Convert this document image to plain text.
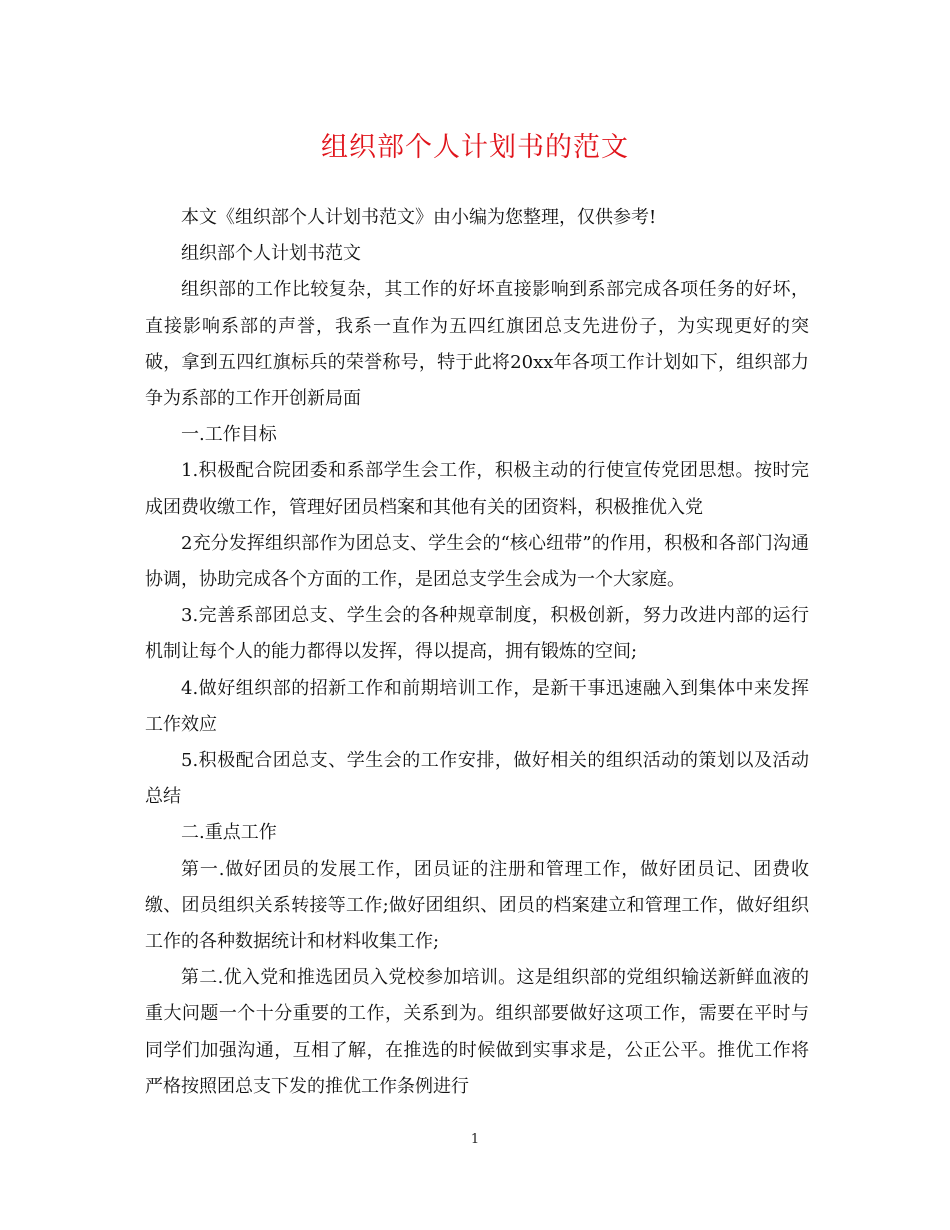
组织部个人计划书的范文

本文《组织部个人计划书范文》由小编为您整理，仅供参考!

组织部个人计划书范文

组织部的工作比较复杂，其工作的好坏直接影响到系部完成各项任务的好坏，直接影响系部的声誉，我系一直作为五四红旗团总支先进份子，为实现更好的突破，拿到五四红旗标兵的荣誉称号，特于此将20xx年各项工作计划如下，组织部力争为系部的工作开创新局面

一.工作目标

1.积极配合院团委和系部学生会工作，积极主动的行使宣传党团思想。按时完成团费收缴工作，管理好团员档案和其他有关的团资料，积极推优入党

2充分发挥组织部作为团总支、学生会的“核心纽带”的作用，积极和各部门沟通协调，协助完成各个方面的工作，是团总支学生会成为一个大家庭。

3.完善系部团总支、学生会的各种规章制度，积极创新，努力改进内部的运行机制让每个人的能力都得以发挥，得以提高，拥有锻炼的空间;

4.做好组织部的招新工作和前期培训工作，是新干事迅速融入到集体中来发挥工作效应

5.积极配合团总支、学生会的工作安排，做好相关的组织活动的策划以及活动总结

二.重点工作

第一.做好团员的发展工作，团员证的注册和管理工作，做好团员记、团费收缴、团员组织关系转接等工作;做好团组织、团员的档案建立和管理工作，做好组织工作的各种数据统计和材料收集工作;

第二.优入党和推选团员入党校参加培训。这是组织部的党组织输送新鲜血液的重大问题一个十分重要的工作，关系到为。组织部要做好这项工作，需要在平时与同学们加强沟通，互相了解，在推选的时候做到实事求是，公正公平。推优工作将严格按照团总支下发的推优工作条例进行

1
